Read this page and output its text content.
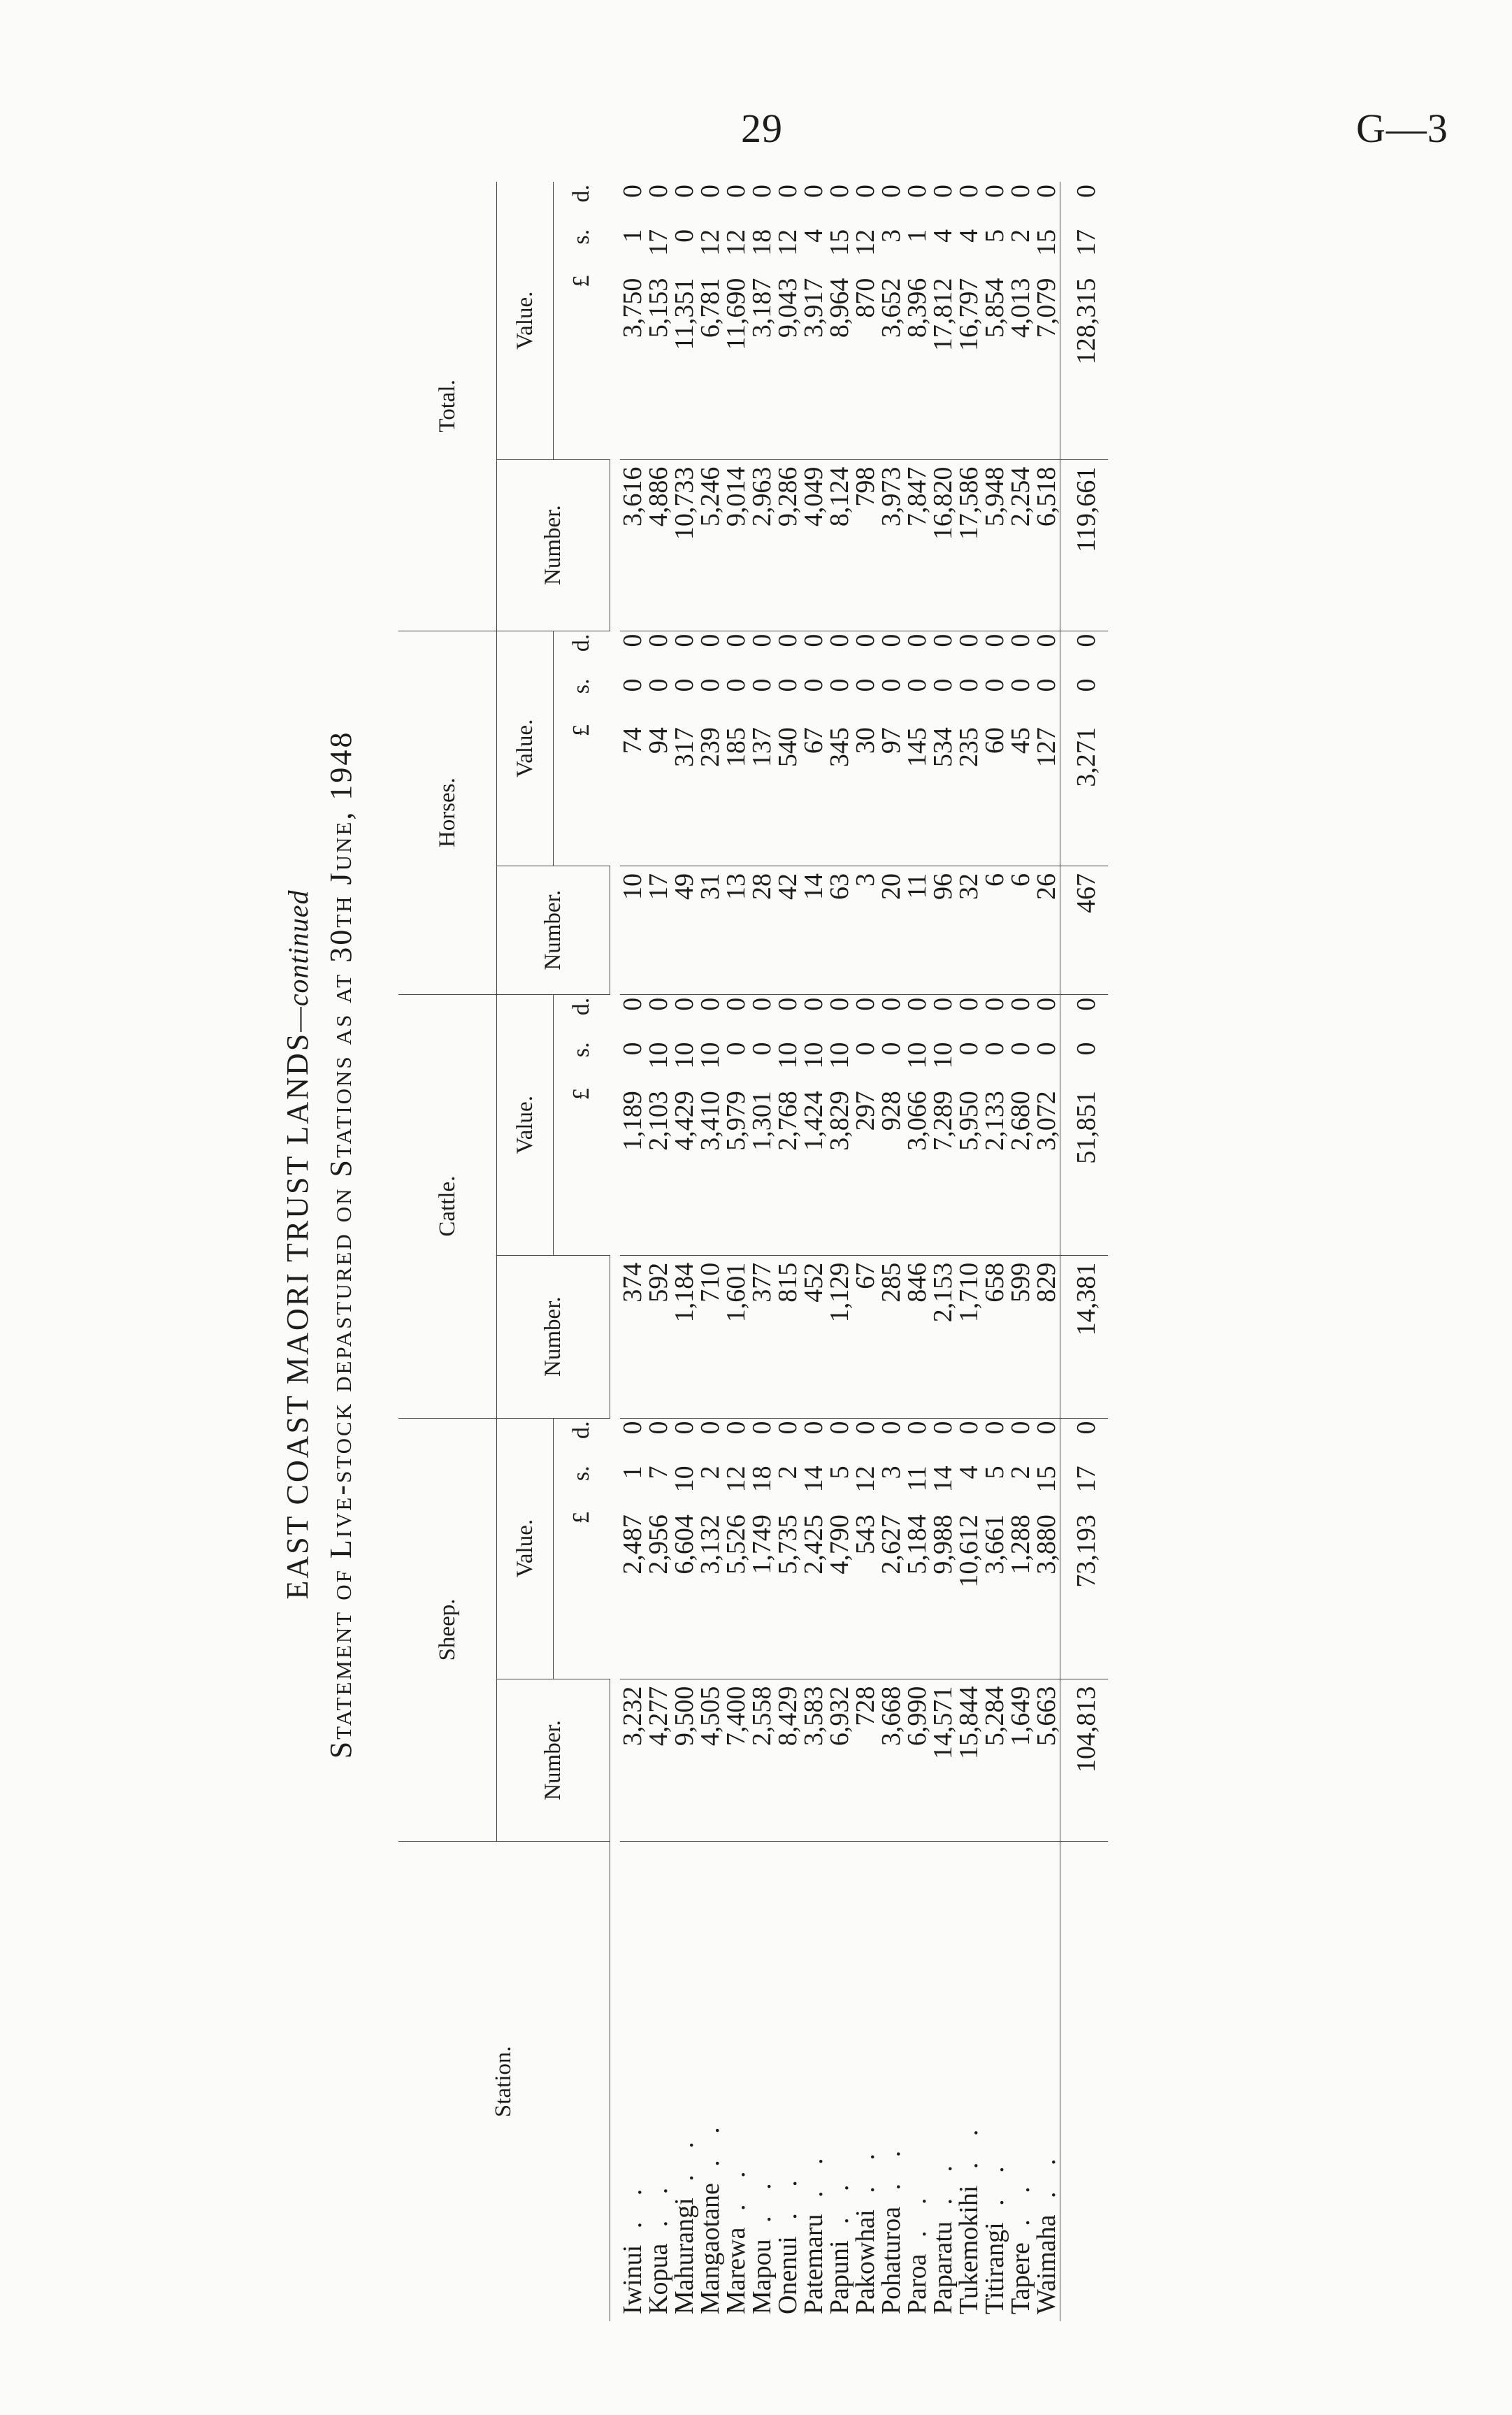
29	G—3
EAST COAST MAORI TRUST LANDS—continued Statement of Live-stock depastured on Stations as at 30th June, 1948
Station.	Sheep.				Cattle.				Horses.				Total.			
	Number.	Value.			Number.	Value.			Number.	Value.			Number.	Value.		
		£	s.	d.		£	s.	d.		£	s.	d.		£	s.	d.

Iwinui . .	3,232	2,487	1	0	374	1,189	0	0	10	74	0	0	3,616	3,750	1	0
Kopua . .	4,277	2,956	7	0	592	2,103	10	0	17	94	0	0	4,886	5,153	17	0
Mahurangi . .	9,500	6,604	10	0	1,184	4,429	10	0	49	317	0	0	10,733	11,351	0	0
Mangaotane . .	4,505	3,132	2	0	710	3,410	10	0	31	239	0	0	5,246	6,781	12	0
Marewa . .	7,400	5,526	12	0	1,601	5,979	0	0	13	185	0	0	9,014	11,690	12	0
Mapou . .	2,558	1,749	18	0	377	1,301	0	0	28	137	0	0	2,963	3,187	18	0
Onenui . .	8,429	5,735	2	0	815	2,768	10	0	42	540	0	0	9,286	9,043	12	0
Patemaru . .	3,583	2,425	14	0	452	1,424	10	0	14	67	0	0	4,049	3,917	4	0
Papuni . .	6,932	4,790	5	0	1,129	3,829	10	0	63	345	0	0	8,124	8,964	15	0
Pakowhai . .	728	543	12	0	67	297	0	0	3	30	0	0	798	870	12	0
Pohaturoa . .	3,668	2,627	3	0	285	928	0	0	20	97	0	0	3,973	3,652	3	0
Paroa . .	6,990	5,184	11	0	846	3,066	10	0	11	145	0	0	7,847	8,396	1	0
Paparatu . .	14,571	9,988	14	0	2,153	7,289	10	0	96	534	0	0	16,820	17,812	4	0
Tukemokihi . .	15,844	10,612	4	0	1,710	5,950	0	0	32	235	0	0	17,586	16,797	4	0
Titirangi . .	5,284	3,661	5	0	658	2,133	0	0	6	60	0	0	5,948	5,854	5	0
Tapere . .	1,649	1,288	2	0	599	2,680	0	0	6	45	0	0	2,254	4,013	2	0
Waimaha . .	5,663	3,880	15	0	829	3,072	0	0	26	127	0	0	6,518	7,079	15	0
	104,813	73,193	17	0	14,381	51,851	0	0	467	3,271	0	0	119,661	128,315	17	0
